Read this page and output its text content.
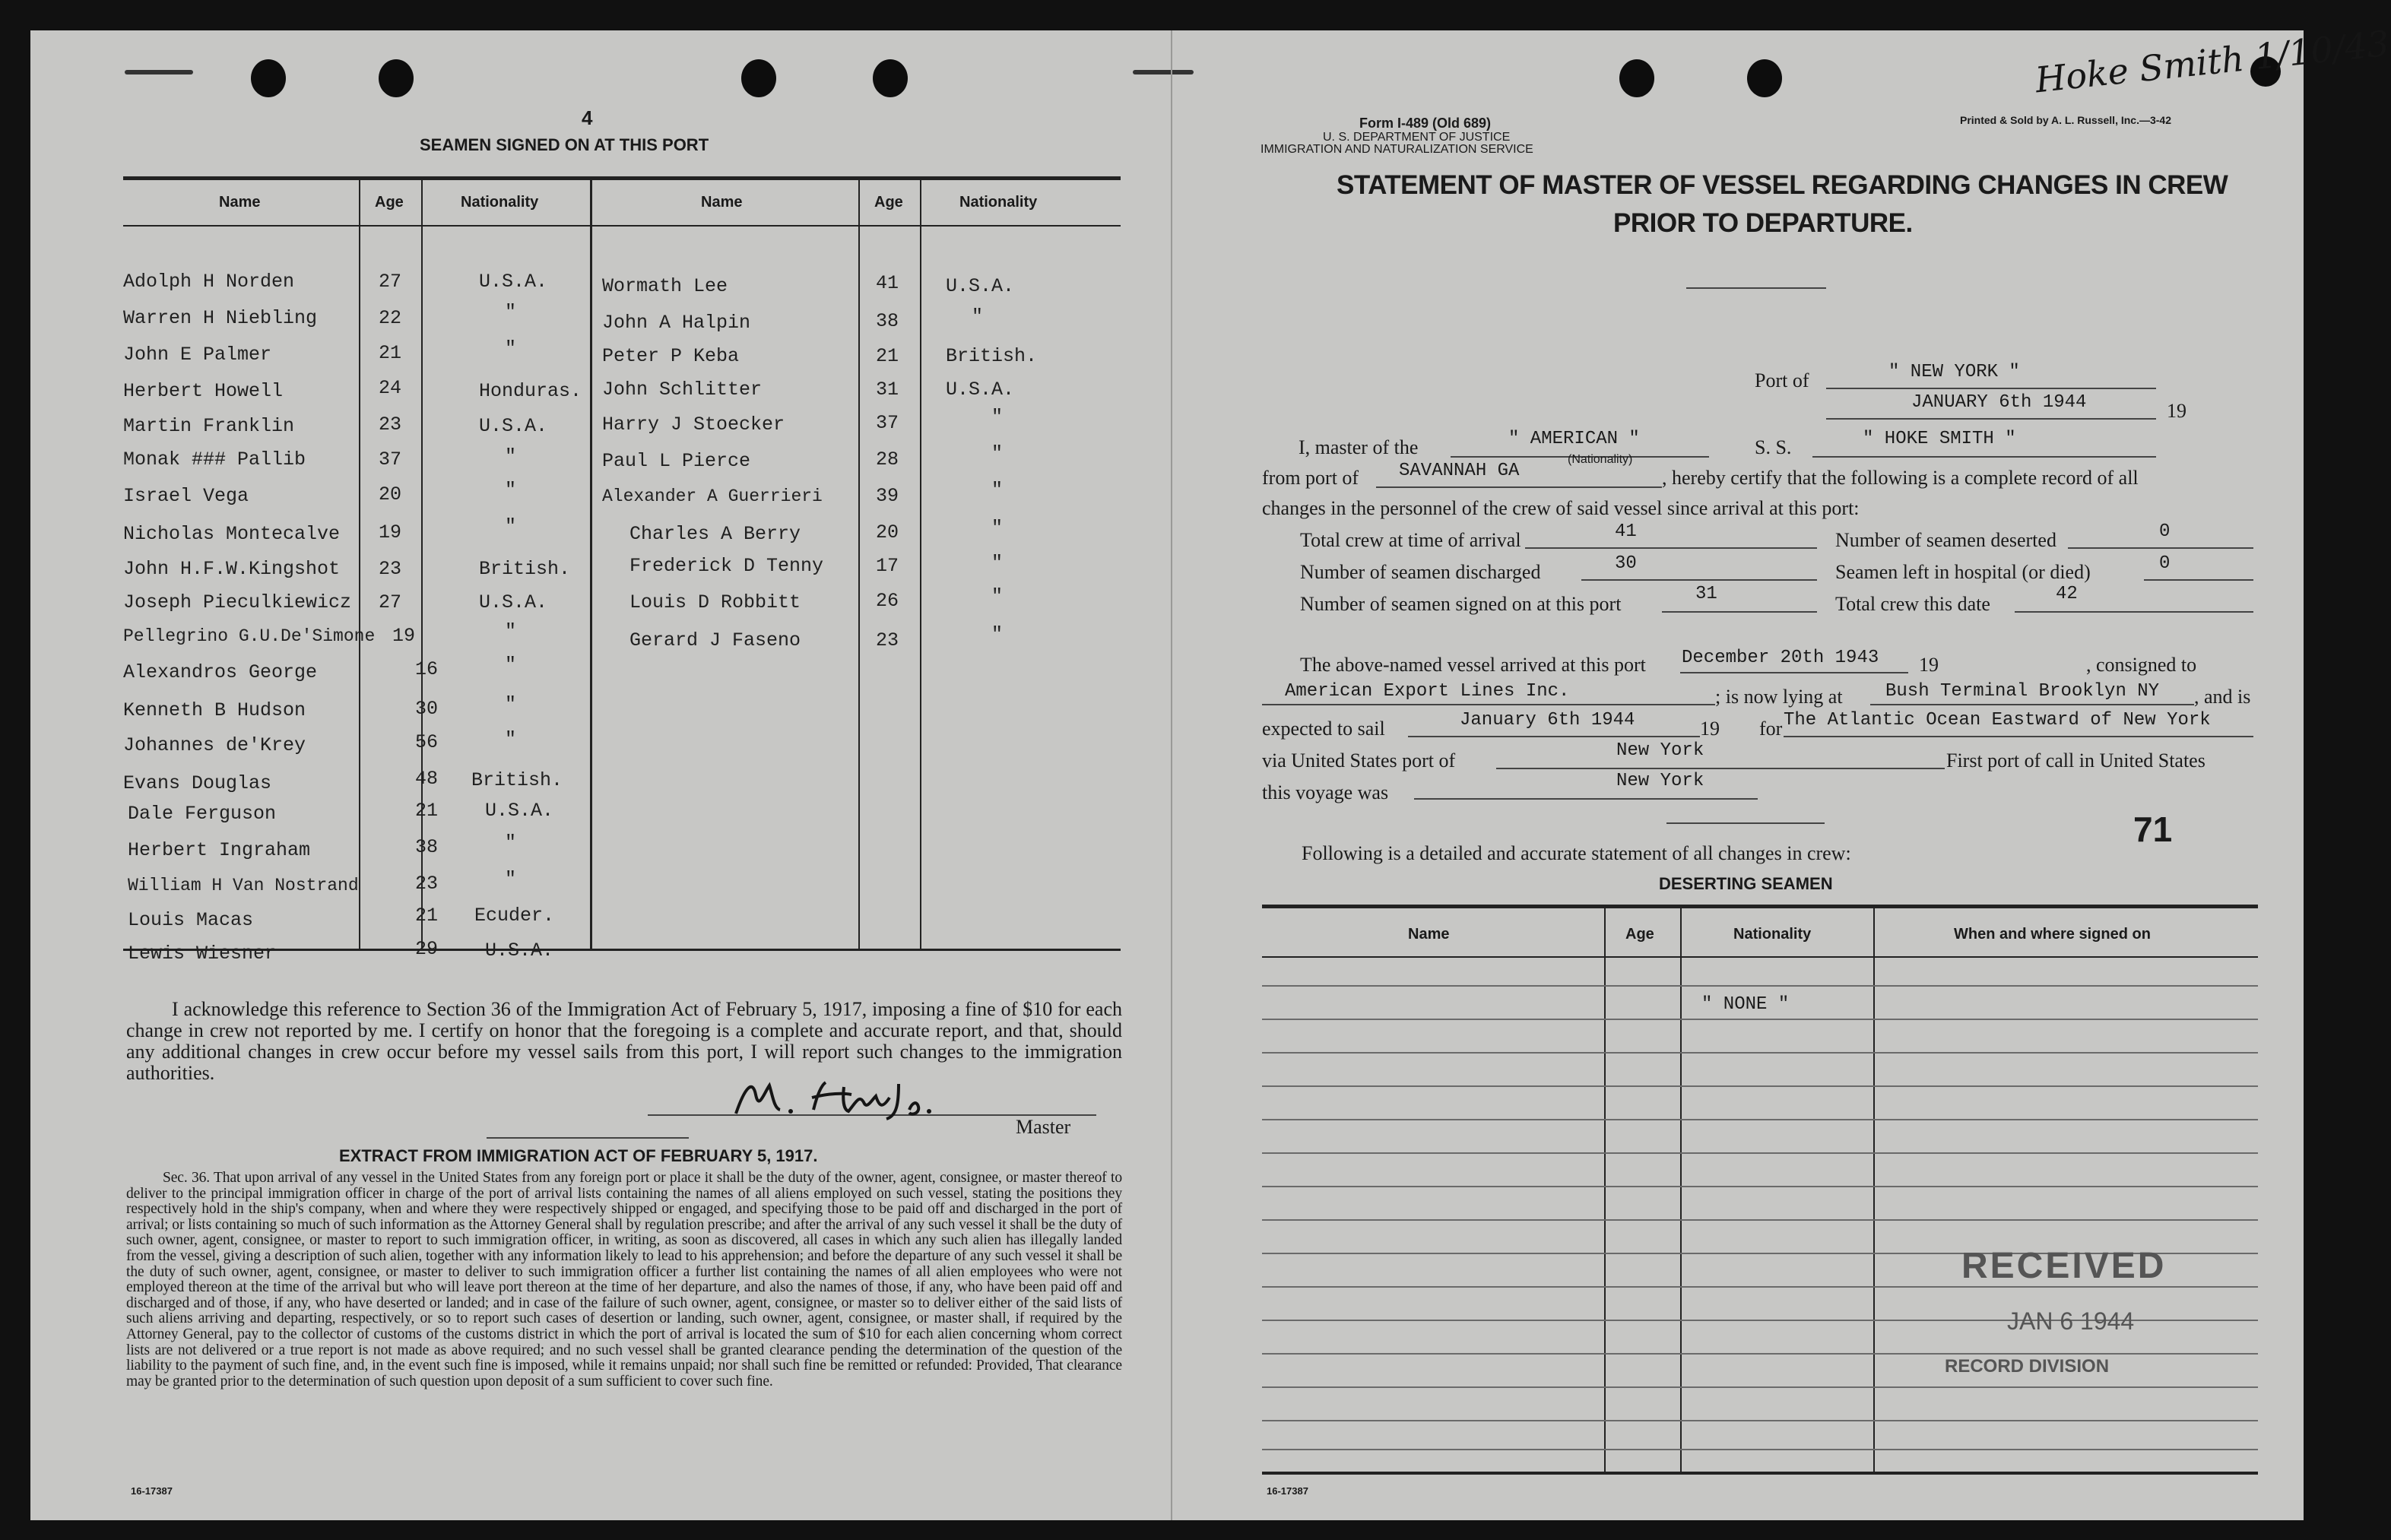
4
SEAMEN SIGNED ON AT THIS PORT
Name	Age	Nationality	Name	Age	Nationality
Adolph H Norden	27	U.S.A.
Warren H Niebling	22	"
John E Palmer	21	"
Herbert Howell	24	Honduras.
Martin Franklin	23	U.S.A.
Monak ### Pallib	37	"
Israel Vega	20	"
Nicholas Montecalve 19	"
John H.F.W.Kingshot 23	British.
Joseph Pieculkiewicz 27	U.S.A.
Pellegrino G.U.De'Simone 19	"
Alexandros George	16	"
Kenneth B Hudson	30	"
Johannes de'Krey	56	"
Evans Douglas	48 British.
Dale Ferguson	21 U.S.A.
Herbert Ingraham	38	"
William H Van Nostrand	23	"
Louis Macas	21 Ecuder.
Lewis Wiesner	29 U.S.A.
Wormath Lee	41 U.S.A.
John A Halpin	38	"
Peter P Keba	21 British.
John Schlitter	31 U.S.A.
Harry J Stoecker	37	"
Paul L Pierce	28	"
Alexander A Guerrieri	39	"
Charles A Berry	20	"
Frederick D Tenny	17	"
Louis D Robbitt	26	"
Gerard J Faseno	23	"
I acknowledge this reference to Section 36 of the Immigration Act of February 5, 1917, imposing a fine of $10 for each change in crew not reported by me. I certify on honor that the foregoing is a complete and accurate report, and that, should any additional changes in crew occur before my vessel sails from this port, I will report such changes to the immigration authorities.
Master
EXTRACT FROM IMMIGRATION ACT OF FEBRUARY 5, 1917.
Sec. 36. That upon arrival of any vessel in the United States from any foreign port or place it shall be the duty of the owner, agent, consignee, or master thereof to deliver to the principal immigration officer in charge of the port of arrival lists containing the names of all aliens employed on such vessel, stating the positions they respectively hold in the ship's company, when and where they were respectively shipped or engaged, and specifying those to be paid off and discharged in the port of arrival; or lists containing so much of such information as the Attorney General shall by regulation prescribe; and after the arrival of any such vessel it shall be the duty of such owner, agent, consignee, or master to report to such immigration officer, in writing, as soon as discovered, all cases in which any such alien has illegally landed from the vessel, giving a description of such alien, together with any information likely to lead to his apprehension; and before the departure of any such vessel it shall be the duty of such owner, agent, consignee, or master to deliver to such immigration officer a further list containing the names of all alien employees who were not employed thereon at the time of the arrival but who will leave port thereon at the time of her departure, and also the names of those, if any, who have been paid off and discharged and of those, if any, who have deserted or landed; and in case of the failure of such owner, agent, consignee, or master so to deliver either of the said lists of such aliens arriving and departing, respectively, or so to report such cases of desertion or landing, such owner, agent, consignee, or master shall, if required by the Attorney General, pay to the collector of customs of the customs district in which the port of arrival is located the sum of $10 for each alien concerning whom correct lists are not delivered or a true report is not made as above required; and no such vessel shall be granted clearance pending the determination of the question of the liability to the payment of such fine, and, in the event such fine is imposed, while it remains unpaid; nor shall such fine be remitted or refunded: Provided, That clearance may be granted prior to the determination of such question upon deposit of a sum sufficient to cover such fine.
16-17387
Form I-489 (Old 689)
U. S. DEPARTMENT OF JUSTICE
IMMIGRATION AND NATURALIZATION SERVICE
Printed & Sold by A. L. Russell, Inc.—3-42
Hoke Smith 1/10/43
STATEMENT OF MASTER OF VESSEL REGARDING CHANGES IN CREW
PRIOR TO DEPARTURE.
Port of	" NEW YORK "
JANUARY 6th 1944	19
I, master of the	" AMERICAN "
(Nationality)
S. S.	" HOKE SMITH "
from port of SAVANNAH GA	, hereby certify that the following is a complete record of all
changes in the personnel of the crew of said vessel since arrival at this port:
Total crew at time of arrival	41	Number of seamen deserted	0
Number of seamen discharged	30	Seamen left in hospital (or died)	0
Number of seamen signed on at this port	31	Total crew this date	42
The above-named vessel arrived at this port December 20th 1943 19	, consigned to
American Export Lines Inc.	; is now lying at Bush Terminal Brooklyn NY , and is
expected to sail	January 6th 1944	19 for The Atlantic Ocean Eastward of New York
via United States port of	New York	First port of call in United States
this voyage was
New York
71
Following is a detailed and accurate statement of all changes in crew:
DESERTING SEAMEN
Name	Age	Nationality	When and where signed on
" NONE "
RECEIVED
JAN 6 1944
RECORD DIVISION
16-17387
